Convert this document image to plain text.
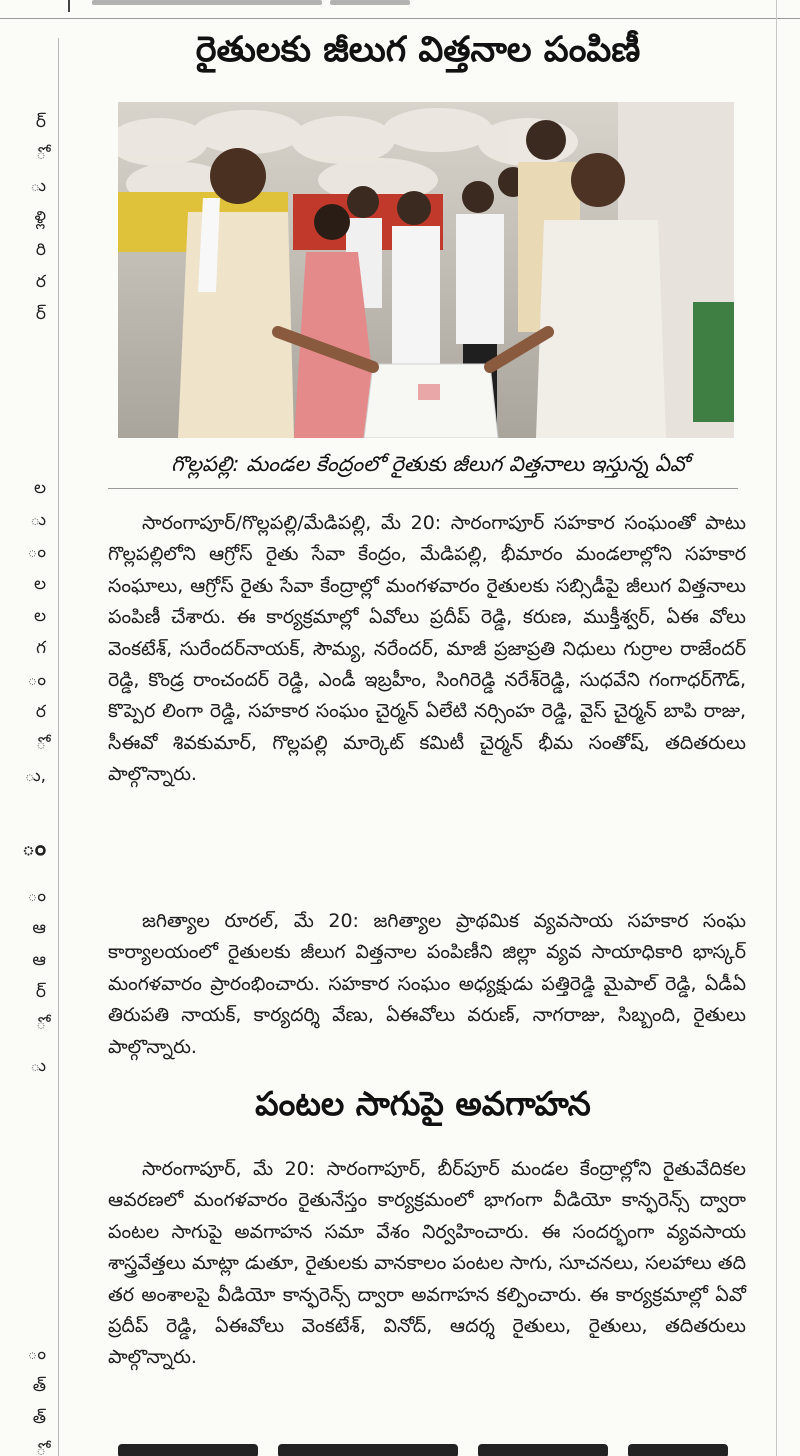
ర్
ో
ు
ళ్లి
రి
ర
ర్
ల
ు
ం
ల
ల
గ
ం
ర
ో
ు,
ం
ం
ఆ
ఆ
ర్
ో
ు
ం
త్
త్
ో
రైతులకు జీలుగ విత్తనాల పంపిణీ
గొల్లపల్లి: మండల కేంద్రంలో రైతుకు జీలుగ విత్తనాలు ఇస్తున్న ఏవో

సారంగాపూర్/గొల్లపల్లి/మేడిపల్లి, మే 20: సారంగాపూర్ సహకార సంఘంతో పాటు గొల్లపల్లిలోని ఆగ్రోస్ రైతు సేవా కేంద్రం, మేడిపల్లి, భీమారం మండలాల్లోని సహకార సంఘాలు, ఆగ్రోస్ రైతు సేవా కేంద్రాల్లో మంగళవారం రైతులకు సబ్సిడీపై జీలుగ విత్తనాలు పంపిణీ చేశారు. ఈ కార్యక్రమాల్లో ఏవోలు ప్రదీప్ రెడ్డి, కరుణ, ముక్తీశ్వర్, ఏఈ వోలు వెంకటేశ్, సురేందర్‌నాయక్, సౌమ్య, నరేందర్, మాజీ ప్రజాప్రతి నిధులు గుర్రాల రాజేందర్ రెడ్డి, కొండ్ర రాంచందర్ రెడ్డి, ఎండీ ఇబ్రహీం, సింగిరెడ్డి నరేశ్‌రెడ్డి, సుధవేని గంగాధర్‌గౌడ్, కొప్పెర లింగా రెడ్డి, సహకార సంఘం చైర్మన్ ఏలేటి నర్సింహ రెడ్డి, వైస్ చైర్మన్ బాపి రాజు, సీఈవో శివకుమార్, గొల్లపల్లి మార్కెట్ కమిటీ చైర్మన్ భీమ సంతోష్, తదితరులు పాల్గొన్నారు.

జగిత్యాల రూరల్, మే 20: జగిత్యాల ప్రాథమిక వ్యవసాయ సహకార సంఘ కార్యాలయంలో రైతులకు జీలుగ విత్తనాల పంపిణీని జిల్లా వ్యవ సాయాధికారి భాస్కర్ మంగళవారం ప్రారంభించారు. సహకార సంఘం అధ్యక్షుడు పత్తిరెడ్డి మైపాల్ రెడ్డి, ఏడీఏ తిరుపతి నాయక్, కార్యదర్శి వేణు, ఏఈవోలు వరుణ్, నాగరాజు, సిబ్బంది, రైతులు పాల్గొన్నారు.

పంటల సాగుపై అవగాహన

సారంగాపూర్, మే 20: సారంగాపూర్, బీర్‌పూర్ మండల కేంద్రాల్లోని రైతువేదికల ఆవరణలో మంగళవారం రైతునేస్తం కార్యక్రమంలో భాగంగా వీడియో కాన్ఫరెన్స్ ద్వారా పంటల సాగుపై అవగాహన సమా వేశం నిర్వహించారు. ఈ సందర్భంగా వ్యవసాయ శాస్త్రవేత్తలు మాట్లా డుతూ, రైతులకు వానకాలం పంటల సాగు, సూచనలు, సలహాలు తది తర అంశాలపై వీడియో కాన్ఫరెన్స్ ద్వారా అవగాహన కల్పించారు. ఈ కార్యక్రమాల్లో ఏవో ప్రదీప్ రెడ్డి, ఏఈవోలు వెంకటేశ్, వినోద్, ఆదర్శ రైతులు, రైతులు, తదితరులు పాల్గొన్నారు.
